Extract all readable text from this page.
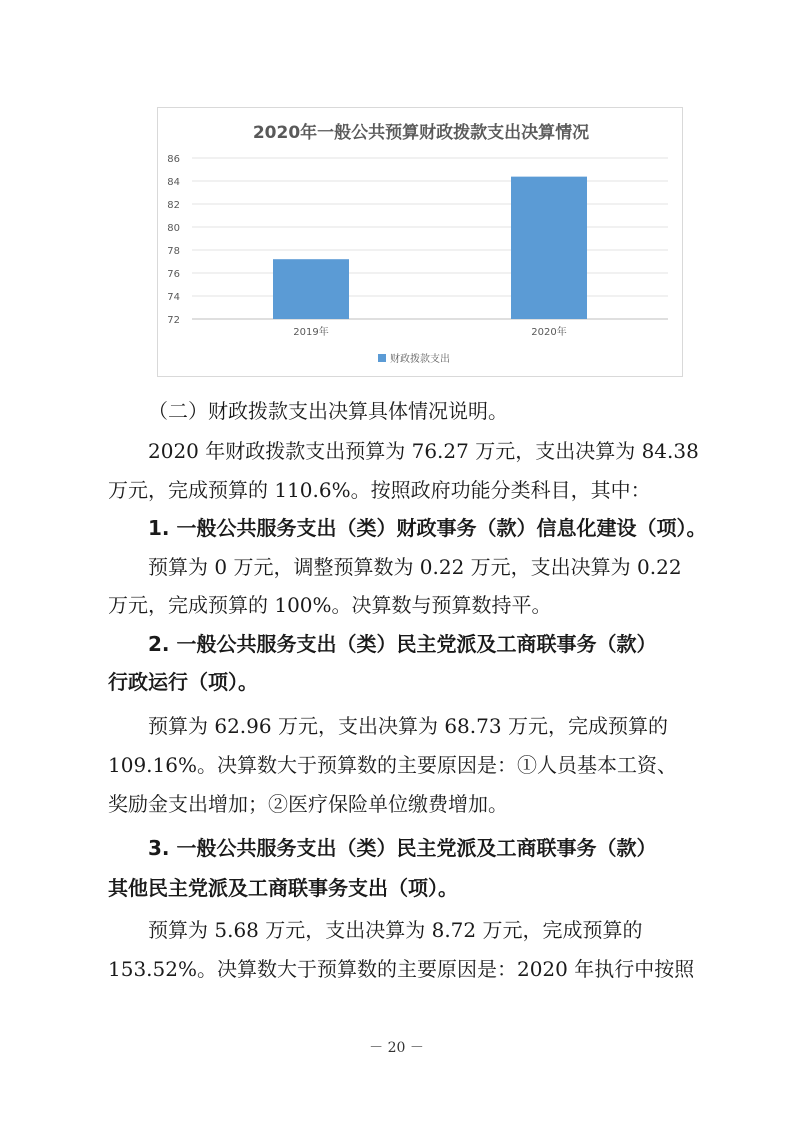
2020年一般公共预算财政拨款支出决算情况
72
74
76
78
80
82
84
86
2019年	2020年
财政拨款支出
（二）财政拨款支出决算具体情况说明。
2020 年财政拨款支出预算为 76.27 万元，支出决算为 84.38
万元，完成预算的 110.6%。按照政府功能分类科目，其中：
1. 一般公共服务支出（类）财政事务（款）信息化建设（项）。
预算为 0 万元，调整预算数为 0.22 万元，支出决算为 0.22
万元，完成预算的 100%。决算数与预算数持平。
2. 一般公共服务支出（类）民主党派及工商联事务（款）
行政运行（项）。
预算为 62.96 万元，支出决算为 68.73 万元，完成预算的
109.16%。决算数大于预算数的主要原因是：①人员基本工资、
奖励金支出增加；②医疗保险单位缴费增加。
3. 一般公共服务支出（类）民主党派及工商联事务（款）
其他民主党派及工商联事务支出（项）。
预算为 5.68 万元，支出决算为 8.72 万元，完成预算的
153.52%。决算数大于预算数的主要原因是：2020 年执行中按照
－ 20 －
